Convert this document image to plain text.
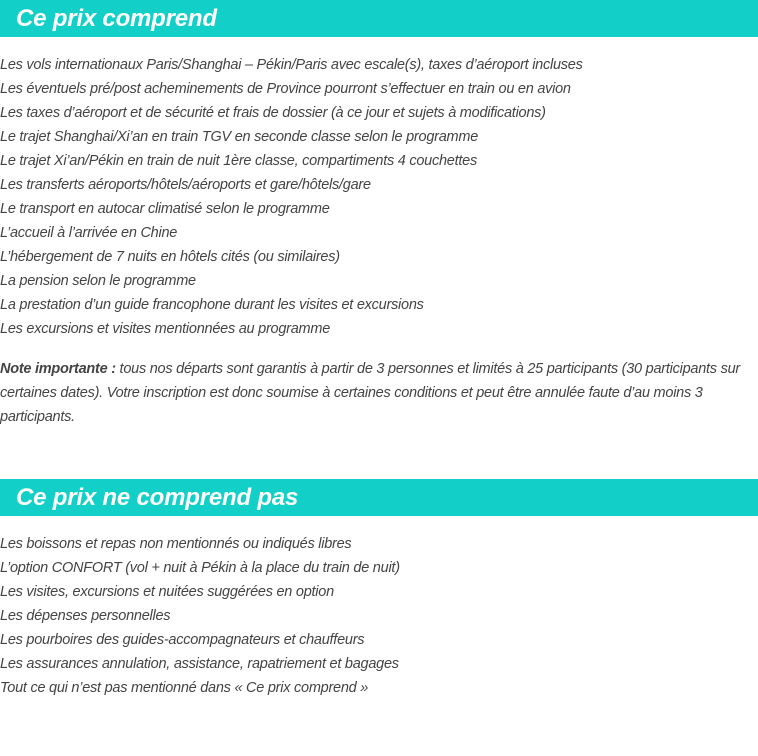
Ce prix comprend
Les vols internationaux Paris/Shanghai – Pékin/Paris avec escale(s), taxes d’aéroport incluses
Les éventuels pré/post acheminements de Province pourront s’effectuer en train ou en avion
Les taxes d’aéroport et de sécurité et frais de dossier (à ce jour et sujets à modifications)
Le trajet Shanghai/Xi’an en train TGV en seconde classe selon le programme
Le trajet Xi’an/Pékin en train de nuit 1ère classe, compartiments 4 couchettes
Les transferts aéroports/hôtels/aéroports et gare/hôtels/gare
Le transport en autocar climatisé selon le programme
L’accueil à l’arrivée en Chine
L’hébergement de 7 nuits en hôtels cités (ou similaires)
La pension selon le programme
La prestation d’un guide francophone durant les visites et excursions
Les excursions et visites mentionnées au programme

Note importante : tous nos départs sont garantis à partir de 3 personnes et limités à 25 participants (30 participants sur certaines dates). Votre inscription est donc soumise à certaines conditions et peut être annulée faute d’au moins 3 participants.

Ce prix ne comprend pas
Les boissons et repas non mentionnés ou indiqués libres
L’option CONFORT (vol + nuit à Pékin à la place du train de nuit)
Les visites, excursions et nuitées suggérées en option
Les dépenses personnelles
Les pourboires des guides-accompagnateurs et chauffeurs
Les assurances annulation, assistance, rapatriement et bagages
Tout ce qui n’est pas mentionné dans « Ce prix comprend »
